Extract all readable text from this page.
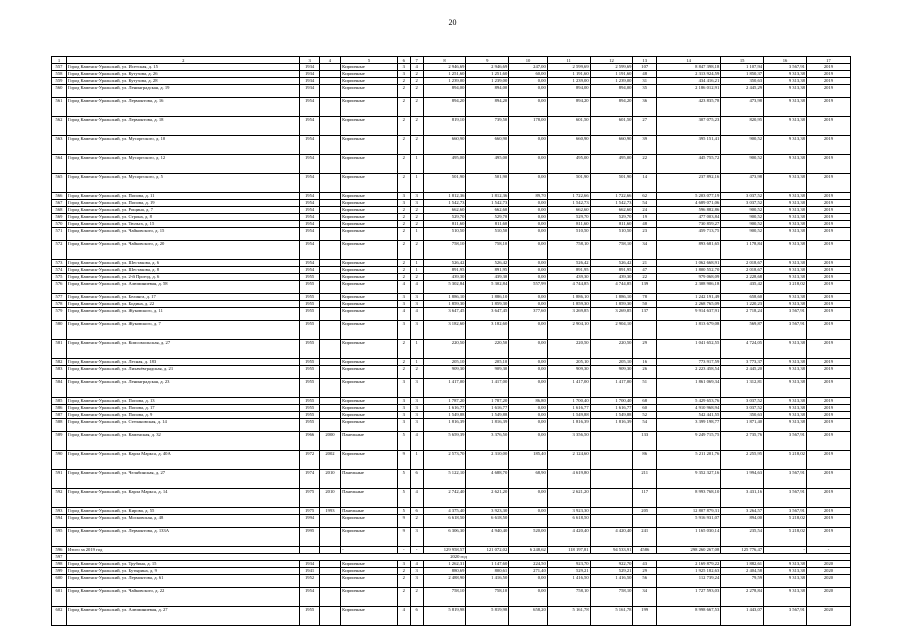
20
1	2	3	4	5	6	7	8	9	10	11	12	13	14	15	16	17
557	Город Каменск-Уральский, ул. Исетская, д. 15	1934		Кирпичные	3	4	2 946,69	2 946,69	247,00	2 599,69	2 599,69	107	8 847 398,18	1 107,94	3 567,91	2019
558	Город Каменск-Уральский, ул. Кутузова, д. 26	1934		Кирпичные	3	2	1 251,60	1 251,60	60,00	1 191,60	1 191,60	48	2 313 924,59	1 850,37	9 313,38	2019
559	Город Каменск-Уральский, ул. Кутузова, д. 28	1934		Кирпичные	2	2	1 239,00	1 239,00	0,00	1 239,00	1 239,00	31	434 416,21	350,63	9 313,38	2019
560	Город Каменск-Уральский, ул. Ленинградская, д. 19	1934		Кирпичные	2	2	894,00	894,00	0,00	894,00	894,00	35	2 186 012,91	2 445,29	9 313,38	2019
561	Город Каменск-Уральский, ул. Лермонтова, д. 16	1954		Кирпичные	2	2	894,20	894,20	0,00	894,20	894,20	36	423 835,78	473,98	9 313,38	2019
562	Город Каменск-Уральский, ул. Лермонтова, д. 18	1954		Кирпичные	2	2	819,10	739,50	178,00	601,50	601,50	27	307 075,23	820,95	9 313,38	2019
563	Город Каменск-Уральский, ул. Мусоргского, д. 10	1954		Кирпичные	2	2	660,90	660,90	0,00	660,90	660,90	39	395 151,41	900,52	9 313,38	2019
564	Город Каменск-Уральский, ул. Мусоргского, д. 12	1954		Кирпичные	2	1	495,00	495,00	0,00	495,00	495,00	22	445 755,72	900,52	9 313,38	2019
565	Город Каменск-Уральский, ул. Мусоргского, д. 5	1954		Кирпичные	2	1	501,90	501,90	0,00	501,90	501,90	14	237 892,16	473,98	9 313,38	2019
566	Город Каменск-Уральский, ул. Попова, д. 11	1954		Кирпичные	3	3	1 812,36	1 812,36	89,70	1 722,66	1 722,66	62	5 203 077,19	3 037,52	9 313,38	2019
567	Город Каменск-Уральский, ул. Попова, д. 19	1954		Кирпичные	3	3	1 542,73	1 542,73	0,00	1 542,73	1 542,73	54	4 689 071,06	3 037,52	9 313,38	2019
568	Город Каменск-Уральский, ул. Рощина, д. 7	1954		Кирпичные	2	2	662,60	662,60	0,00	662,60	662,60	24	596 882,86	900,52	9 313,38	2019
569	Город Каменск-Уральский, ул. Строна, д. 8	1954		Кирпичные	2	2	529,70	529,70	0,00	529,70	529,70	19	477 003,84	900,52	9 313,38	2019
570	Город Каменск-Уральский, ул. Тюльга, д. 15	1954		Кирпичные	2	2	811,60	811,60	0,00	811,60	811,60	48	730 859,27	900,52	9 313,38	2019
571	Город Каменск-Уральский, ул. Чайковского, д. 15	1954		Кирпичные	2	1	510,50	510,50	0,00	510,50	510,50	23	459 713,75	900,52	9 313,38	2019
572	Город Каменск-Уральский, ул. Чайковского, д. 20	1954		Кирпичные	2	2	758,10	758,10	0,00	758,10	758,10	34	893 681,65	1 178,84	9 313,38	2019
573	Город Каменск-Уральский, ул. Шестакова, д. 6	1954		Кирпичные	2	1	526,42	526,42	0,00	526,42	526,42	21	1 062 668,91	2 018,67	9 313,38	2019
574	Город Каменск-Уральский, ул. Шестакова, д. 8	1954		Кирпичные	2	1	891,95	891,95	0,00	891,95	891,95	47	1 800 552,70	2 018,67	9 313,38	2019
575	Город Каменск-Уральский, ул. 2-й Проезд, д. 6	1955		Кирпичные	2	2	439,30	439,30	0,00	439,30	439,30	22	979 068,09	2 228,68	9 313,38	2019
576	Город Каменск-Уральский, ул. Алюминиевая, д. 58	1955		Кирпичные	4	4	5 302,84	5 302,84	557,99	4 744,85	4 744,85	139	2 308 906,18	435,42	3 218,02	2019
577	Город Каменск-Уральский, ул. Белинга, д. 17	1955		Кирпичные	3	3	1 886,10	1 886,10	0,00	1 886,10	1 886,10	78	1 242 191,49	658,60	9 313,38	2019
578	Город Каменск-Уральский, ул. Бодина, д. 22	1955		Кирпичные	3	3	1 859,30	1 859,30	0,00	1 859,30	1 859,30	50	2 268 765,09	1 220,23	9 313,38	2019
579	Город Каменск-Уральский, ул. Жуковского, д. 11	1955		Кирпичные	4	4	3 647,45	3 647,45	377,60	3 269,85	3 269,85	137	9 914 637,91	2 718,24	3 567,91	2019
580	Город Каменск-Уральский, ул. Жуковского, д. 7	1955		Кирпичные	3	3	3 182,60	3 182,60	0,00	2 904,10	2 904,10		1 813 679,08	569,87	3 567,91	2019
581	Город Каменск-Уральский, ул. Комсомольская, д. 27	1955		Кирпичные	2	1	220,50	220,50	0,00	220,50	220,50	29	1 041 652,55	4 724,05	9 313,38	2019
582	Город Каменск-Уральский, ул. Лесная, д. 183	1955		Кирпичные	2	1	205,10	205,10	0,00	205,10	205,10	16	773 917,59	3 773,37	9 313,38	2019
583	Город Каменск-Уральский, ул. Лихачёвградская, д. 21	1955		Кирпичные	2	2	909,30	909,30	0,00	909,30	909,30	26	2 223 458,54	2 445,20	9 313,38	2019
584	Город Каменск-Уральский, ул. Ленинградская, д. 23	1955		Кирпичные	3	3	1 417,00	1 417,00	0,00	1 417,00	1 417,00	51	1 861 069,34	1 312,81	9 313,38	2019
585	Город Каменск-Уральский, ул. Попова, д. 13	1955		Кирпичные	3	3	1 787,20	1 787,20	86,80	1 700,40	1 700,40	68	5 429 653,76	3 037,52	9 313,38	2019
586	Город Каменск-Уральский, ул. Попова, д. 17	1955		Кирпичные	3	3	1 616,77	1 616,77	0,00	1 616,77	1 616,77	60	4 910 968,94	3 037,52	9 313,38	2019
587	Город Каменск-Уральский, ул. Попова, д. 9	1955		Кирпичные	3	3	1 549,88	1 549,88	0,00	1 549,88	1 549,88	52	542 441,55	350,63	9 313,38	2019
588	Город Каменск-Уральский, ул. Степановская, д. 14	1955		Кирпичные	3	3	1 816,39	1 816,39	0,00	1 816,39	1 816,39	54	3 399 198,77	1 871,40	9 313,38	2019
589	Город Каменск-Уральский, ул. Каменская, д. 32	1966	2000	Панельные	5	4	5 659,39	3 376,50	0,00	3 356,50		133	9 249 715,75	2 735,76	3 567,91	2019
590	Город Каменск-Уральский, ул. Карла Маркса, д. 40А	1972	2002	Кирпичные	9	1	2 573,70	2 310,00	185,40	2 124,60		86	5 211 201,76	2 255,95	5 218,02	2019
591	Город Каменск-Уральский, ул. Челябинская, д. 27	1974	2010	Панельные	5	6	5 122,10	4 688,70	68,90	4 619,80		211	9 352 327,16	1 994,63	3 567,91	2019
592	Город Каменск-Уральский, ул. Карла Маркса, д. 14	1975	2010	Панельные	5	4	2 742,40	2 621,20	0,00	2 621,20		117	8 993 768,10	3 431,16	3 567,91	2019
593	Город Каменск-Уральский, ул. Кирова, д. 55	1975	1993	Панельные	5	6	4 375,40	3 923,30	0,00	3 923,30		205	12 807 879,31	3 264,57	3 567,91	2019
594	Город Каменск-Уральский, ул. Московская, д. 48	1994		Кирпичные	9	2	6 618,50	6 618,50		6 618,50			5 916 931,07	894,00	5 218,02	2019
595	Город Каменск-Уральский, ул. Лермонтова, д. 133А	1995		Кирпичные	9	3	6 306,30	4 940,40	520,00	4 420,40	4 420,40	241	1 165 030,14	235,54	5 218,02	2019
596	Итого за 2019 год			-	-	-	129 958,57	121 072,02	6 248,62	118 197,81	94 533,91	4586	298 260 267,08	125 776,47	-	-
597	2020 год															
598	Город Каменск-Уральский, ул. Трубина, д. 15	1934		Кирпичные	3	4	1 262,31	1 147,60	224,50	923,70	922,70	43	2 169 879,22	1 882,61	9 313,38	2020
599	Город Каменск-Уральский, ул. Бутырина, д. 9	1941		Кирпичные	2	3	880,69	800,61	271,40	529,21	529,21	29	1 925 182,63	2 404,58	9 313,38	2020
600	Город Каменск-Уральский, ул. Лермонтова, д. 61	1952		Кирпичные	2	3	2 488,90	1 416,50	0,00	1 416,50	1 416,50	56	112 739,24	79,59	9 313,38	2020
601	Город Каменск-Уральский, ул. Чайковского, д. 22	1954		Кирпичные	2	2	758,10	758,10	0,00	758,10	758,10	34	1 727 593,03	2 278,84	9 313,38	2020
602	Город Каменск-Уральский, ул. Алюминиевая, д. 27	1955		Кирпичные	4	6	5 819,98	5 819,98	658,20	5 161,78	5 161,78	199	8 998 667,53	1 443,07	3 567,91	2020
